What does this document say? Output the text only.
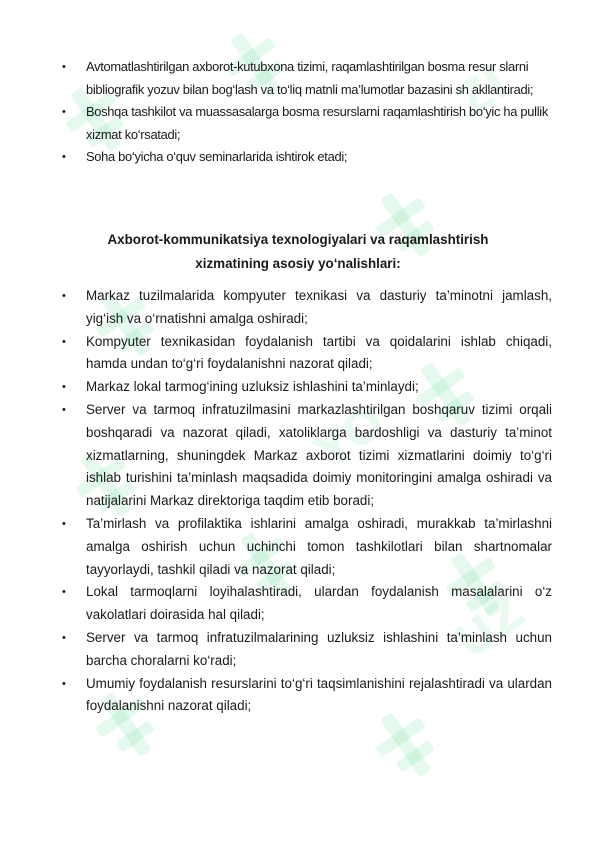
ZI
YO
UZ
•	Avtomatlashtirilgan axborot-kutubxona tizimi, raqamlashtirilgan bosma resur slarni bibliografik yozuv bilan bog‘lash va to‘liq matnli ma’lumotlar bazasini sh akllantiradi;
•	Boshqa tashkilot va muassasalarga bosma resurslarni raqamlashtirish bo‘yic ha pullik xizmat ko‘rsatadi;
•	Soha bo‘yicha o‘quv seminarlarida ishtirok etadi;
Axborot-kommunikatsiya texnologiyalari va raqamlashtirish
xizmatining asosiy yo‘nalishlari:
•	Markaz tuzilmalarida kompyuter texnikasi va dasturiy ta’minotni jamlash, yig‘ish va o‘rnatishni amalga oshiradi;
•	Kompyuter texnikasidan foydalanish tartibi va qoidalarini ishlab chiqadi, hamda undan to‘g‘ri foydalanishni nazorat qiladi;
•	Markaz lokal tarmog‘ining uzluksiz ishlashini ta’minlaydi;
•	Server va tarmoq infratuzilmasini markazlashtirilgan boshqaruv tizimi orqali boshqaradi va nazorat qiladi, xatoliklarga bardoshligi va dasturiy ta’minot xizmatlarning, shuningdek Markaz axborot tizimi xizmatlarini doimiy to‘g‘ri ishlab turishini ta’minlash maqsadida doimiy monitoringini amalga oshiradi va natijalarini Markaz direktoriga taqdim etib boradi;
•	Ta’mirlash va profilaktika ishlarini amalga oshiradi, murakkab ta’mirlashni amalga oshirish uchun uchinchi tomon tashkilotlari bilan shartnomalar tayyorlaydi, tashkil qiladi va nazorat qiladi;
•	Lokal tarmoqlarni loyihalashtiradi, ulardan foydalanish masalalarini o‘z vakolatlari doirasida hal qiladi;
•	Server va tarmoq infratuzilmalarining uzluksiz ishlashini ta’minlash uchun barcha choralarni ko‘radi;
•	Umumiy foydalanish resurslarini to‘g‘ri taqsimlanishini rejalashtiradi va ulardan foydalanishni nazorat qiladi;
